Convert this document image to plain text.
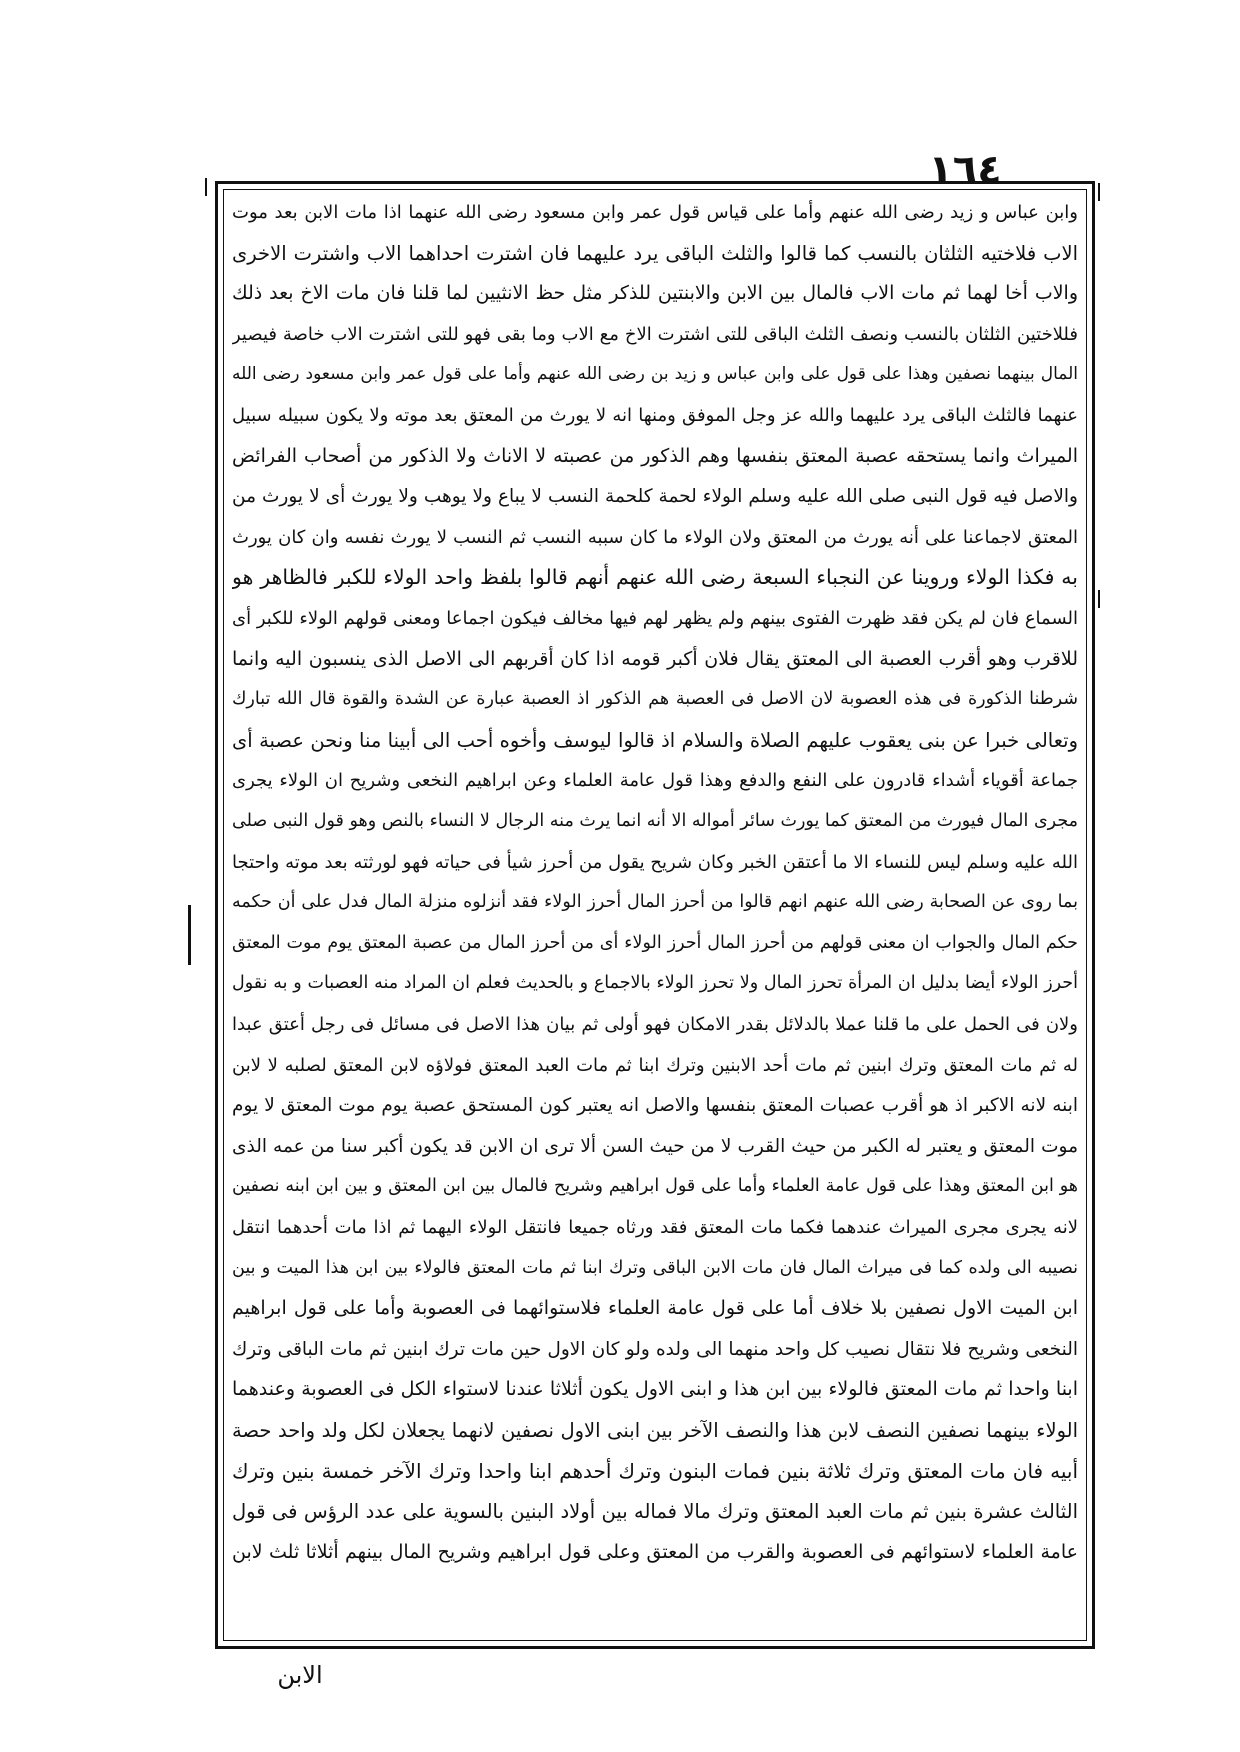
١٦٤
وابن عباس و زيد رضى الله عنهم وأما على قياس قول عمر وابن مسعود رضى الله عنهما اذا مات الابن بعد موت
الاب فلاختيه الثلثان بالنسب كما قالوا والثلث الباقى يرد عليهما فان اشترت احداهما الاب واشترت الاخرى
والاب أخا لهما ثم مات الاب فالمال بين الابن والابنتين للذكر مثل حظ الانثيين لما قلنا فان مات الاخ بعد ذلك
فللاختين الثلثان بالنسب ونصف الثلث الباقى للتى اشترت الاخ مع الاب وما بقى فهو للتى اشترت الاب خاصة فيصير
المال بينهما نصفين وهذا على قول على وابن عباس و زيد بن رضى الله عنهم وأما على قول عمر وابن مسعود رضى الله
عنهما فالثلث الباقى يرد عليهما والله عز وجل الموفق ومنها انه لا يورث من المعتق بعد موته ولا يكون سبيله سبيل
الميراث وانما يستحقه عصبة المعتق بنفسها وهم الذكور من عصبته لا الاناث ولا الذكور من أصحاب الفرائض
والاصل فيه قول النبى صلى الله عليه وسلم الولاء لحمة كلحمة النسب لا يباع ولا يوهب ولا يورث أى لا يورث من
المعتق لاجماعنا على أنه يورث من المعتق ولان الولاء ما كان سببه النسب ثم النسب لا يورث نفسه وان كان يورث
به فكذا الولاء وروينا عن النجباء السبعة رضى الله عنهم أنهم قالوا بلفظ واحد الولاء للكبر فالظاهر هو
السماع فان لم يكن فقد ظهرت الفتوى بينهم ولم يظهر لهم فيها مخالف فيكون اجماعا ومعنى قولهم الولاء للكبر أى
للاقرب وهو أقرب العصبة الى المعتق يقال فلان أكبر قومه اذا كان أقربهم الى الاصل الذى ينسبون اليه وانما
شرطنا الذكورة فى هذه العصوبة لان الاصل فى العصبة هم الذكور اذ العصبة عبارة عن الشدة والقوة قال الله تبارك
وتعالى خبرا عن بنى يعقوب عليهم الصلاة والسلام اذ قالوا ليوسف وأخوه أحب الى أبينا منا ونحن عصبة أى
جماعة أقوياء أشداء قادرون على النفع والدفع وهذا قول عامة العلماء وعن ابراهيم النخعى وشريح ان الولاء يجرى
مجرى المال فيورث من المعتق كما يورث سائر أمواله الا أنه انما يرث منه الرجال لا النساء بالنص وهو قول النبى صلى
الله عليه وسلم ليس للنساء الا ما أعتقن الخبر وكان شريح يقول من أحرز شيأ فى حياته فهو لورثته بعد موته واحتجا
بما روى عن الصحابة رضى الله عنهم انهم قالوا من أحرز المال أحرز الولاء فقد أنزلوه منزلة المال فدل على أن حكمه
حكم المال والجواب ان معنى قولهم من أحرز المال أحرز الولاء أى من أحرز المال من عصبة المعتق يوم موت المعتق
أحرز الولاء أيضا بدليل ان المرأة تحرز المال ولا تحرز الولاء بالاجماع و بالحديث فعلم ان المراد منه العصبات و به نقول
ولان فى الحمل على ما قلنا عملا بالدلائل بقدر الامكان فهو أولى ثم بيان هذا الاصل فى مسائل فى رجل أعتق عبدا
له ثم مات المعتق وترك ابنين ثم مات أحد الابنين وترك ابنا ثم مات العبد المعتق فولاؤه لابن المعتق لصلبه لا لابن
ابنه لانه الاكبر اذ هو أقرب عصبات المعتق بنفسها والاصل انه يعتبر كون المستحق عصبة يوم موت المعتق لا يوم
موت المعتق و يعتبر له الكبر من حيث القرب لا من حيث السن ألا ترى ان الابن قد يكون أكبر سنا من عمه الذى
هو ابن المعتق وهذا على قول عامة العلماء وأما على قول ابراهيم وشريح فالمال بين ابن المعتق و بين ابن ابنه نصفين
لانه يجرى مجرى الميراث عندهما فكما مات المعتق فقد ورثاه جميعا فانتقل الولاء اليهما ثم اذا مات أحدهما انتقل
نصيبه الى ولده كما فى ميراث المال فان مات الابن الباقى وترك ابنا ثم مات المعتق فالولاء بين ابن هذا الميت و بين
ابن الميت الاول نصفين بلا خلاف أما على قول عامة العلماء فلاستوائهما فى العصوبة وأما على قول ابراهيم
النخعى وشريح فلا نتقال نصيب كل واحد منهما الى ولده ولو كان الاول حين مات ترك ابنين ثم مات الباقى وترك
ابنا واحدا ثم مات المعتق فالولاء بين ابن هذا و ابنى الاول يكون أثلاثا عندنا لاستواء الكل فى العصوبة وعندهما
الولاء بينهما نصفين النصف لابن هذا والنصف الآخر بين ابنى الاول نصفين لانهما يجعلان لكل ولد واحد حصة
أبيه فان مات المعتق وترك ثلاثة بنين فمات البنون وترك أحدهم ابنا واحدا وترك الآخر خمسة بنين وترك
الثالث عشرة بنين ثم مات العبد المعتق وترك مالا فماله بين أولاد البنين بالسوية على عدد الرؤس فى قول
عامة العلماء لاستوائهم فى العصوبة والقرب من المعتق وعلى قول ابراهيم وشريح المال بينهم أثلاثا ثلث لابن
الابن
